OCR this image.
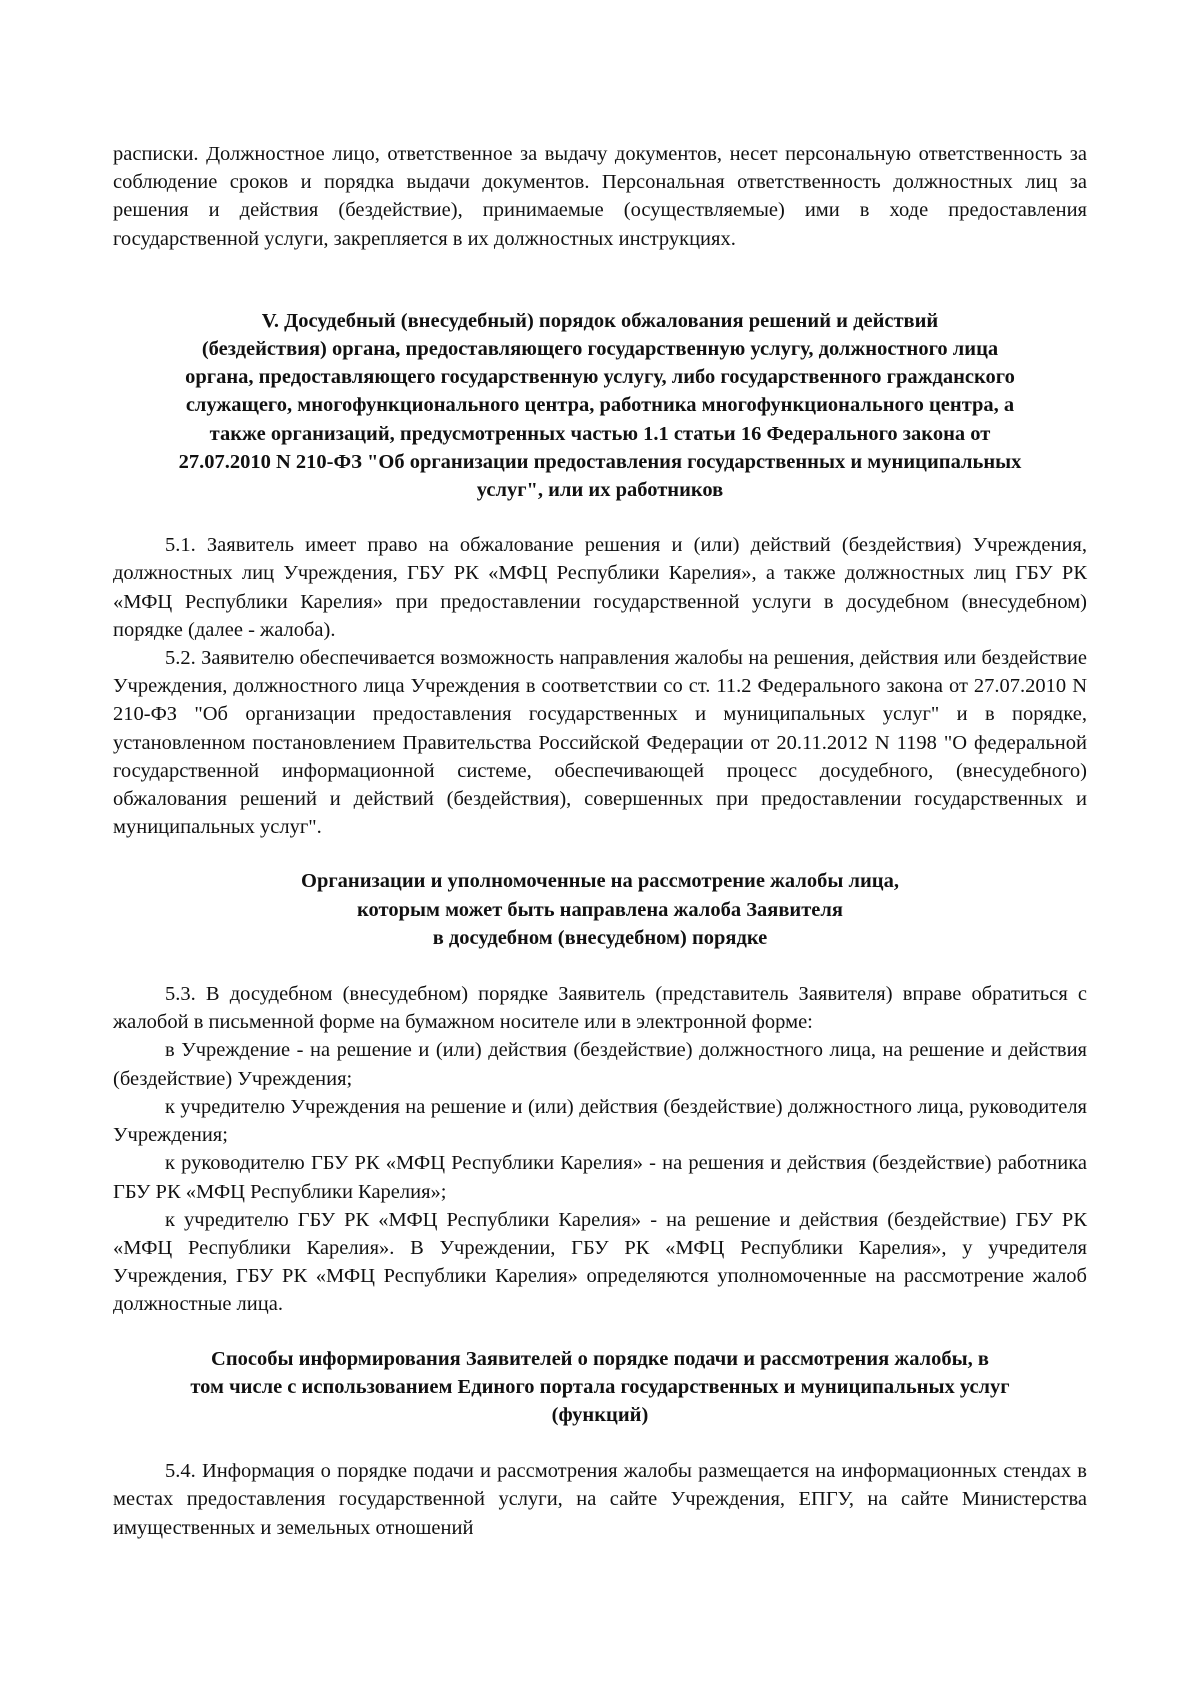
расписки. Должностное лицо, ответственное за выдачу документов, несет персональную ответственность за соблюдение сроков и порядка выдачи документов. Персональная ответственность должностных лиц за решения и действия (бездействие), принимаемые (осуществляемые) ими в ходе предоставления государственной услуги, закрепляется в их должностных инструкциях.

V. Досудебный (внесудебный) порядок обжалования решений и действий
(бездействия) органа, предоставляющего государственную услугу, должностного лица
органа, предоставляющего государственную услугу, либо государственного гражданского
служащего, многофункционального центра, работника многофункционального центра, а
также организаций, предусмотренных частью 1.1 статьи 16 Федерального закона от
27.07.2010 N 210-ФЗ "Об организации предоставления государственных и муниципальных
услуг", или их работников

5.1. Заявитель имеет право на обжалование решения и (или) действий (бездействия) Учреждения, должностных лиц Учреждения, ГБУ РК «МФЦ Республики Карелия», а также должностных лиц ГБУ РК «МФЦ Республики Карелия» при предоставлении государственной услуги в досудебном (внесудебном) порядке (далее - жалоба).

5.2. Заявителю обеспечивается возможность направления жалобы на решения, действия или бездействие Учреждения, должностного лица Учреждения в соответствии со ст. 11.2 Федерального закона от 27.07.2010 N 210-ФЗ "Об организации предоставления государственных и муниципальных услуг" и в порядке, установленном постановлением Правительства Российской Федерации от 20.11.2012 N 1198 "О федеральной государственной информационной системе, обеспечивающей процесс досудебного, (внесудебного) обжалования решений и действий (бездействия), совершенных при предоставлении государственных и муниципальных услуг".

Организации и уполномоченные на рассмотрение жалобы лица,
которым может быть направлена жалоба Заявителя
в досудебном (внесудебном) порядке

5.3. В досудебном (внесудебном) порядке Заявитель (представитель Заявителя) вправе обратиться с жалобой в письменной форме на бумажном носителе или в электронной форме:

в Учреждение - на решение и (или) действия (бездействие) должностного лица, на решение и действия (бездействие) Учреждения;

к учредителю Учреждения на решение и (или) действия (бездействие) должностного лица, руководителя Учреждения;

к руководителю ГБУ РК «МФЦ Республики Карелия» - на решения и действия (бездействие) работника ГБУ РК «МФЦ Республики Карелия»;

к учредителю ГБУ РК «МФЦ Республики Карелия» - на решение и действия (бездействие) ГБУ РК «МФЦ Республики Карелия». В Учреждении, ГБУ РК «МФЦ Республики Карелия», у учредителя Учреждения, ГБУ РК «МФЦ Республики Карелия» определяются уполномоченные на рассмотрение жалоб должностные лица.

Способы информирования Заявителей о порядке подачи и рассмотрения жалобы, в
том числе с использованием Единого портала государственных и муниципальных услуг
(функций)

5.4. Информация о порядке подачи и рассмотрения жалобы размещается на информационных стендах в местах предоставления государственной услуги, на сайте Учреждения, ЕПГУ, на сайте Министерства имущественных и земельных отношений
